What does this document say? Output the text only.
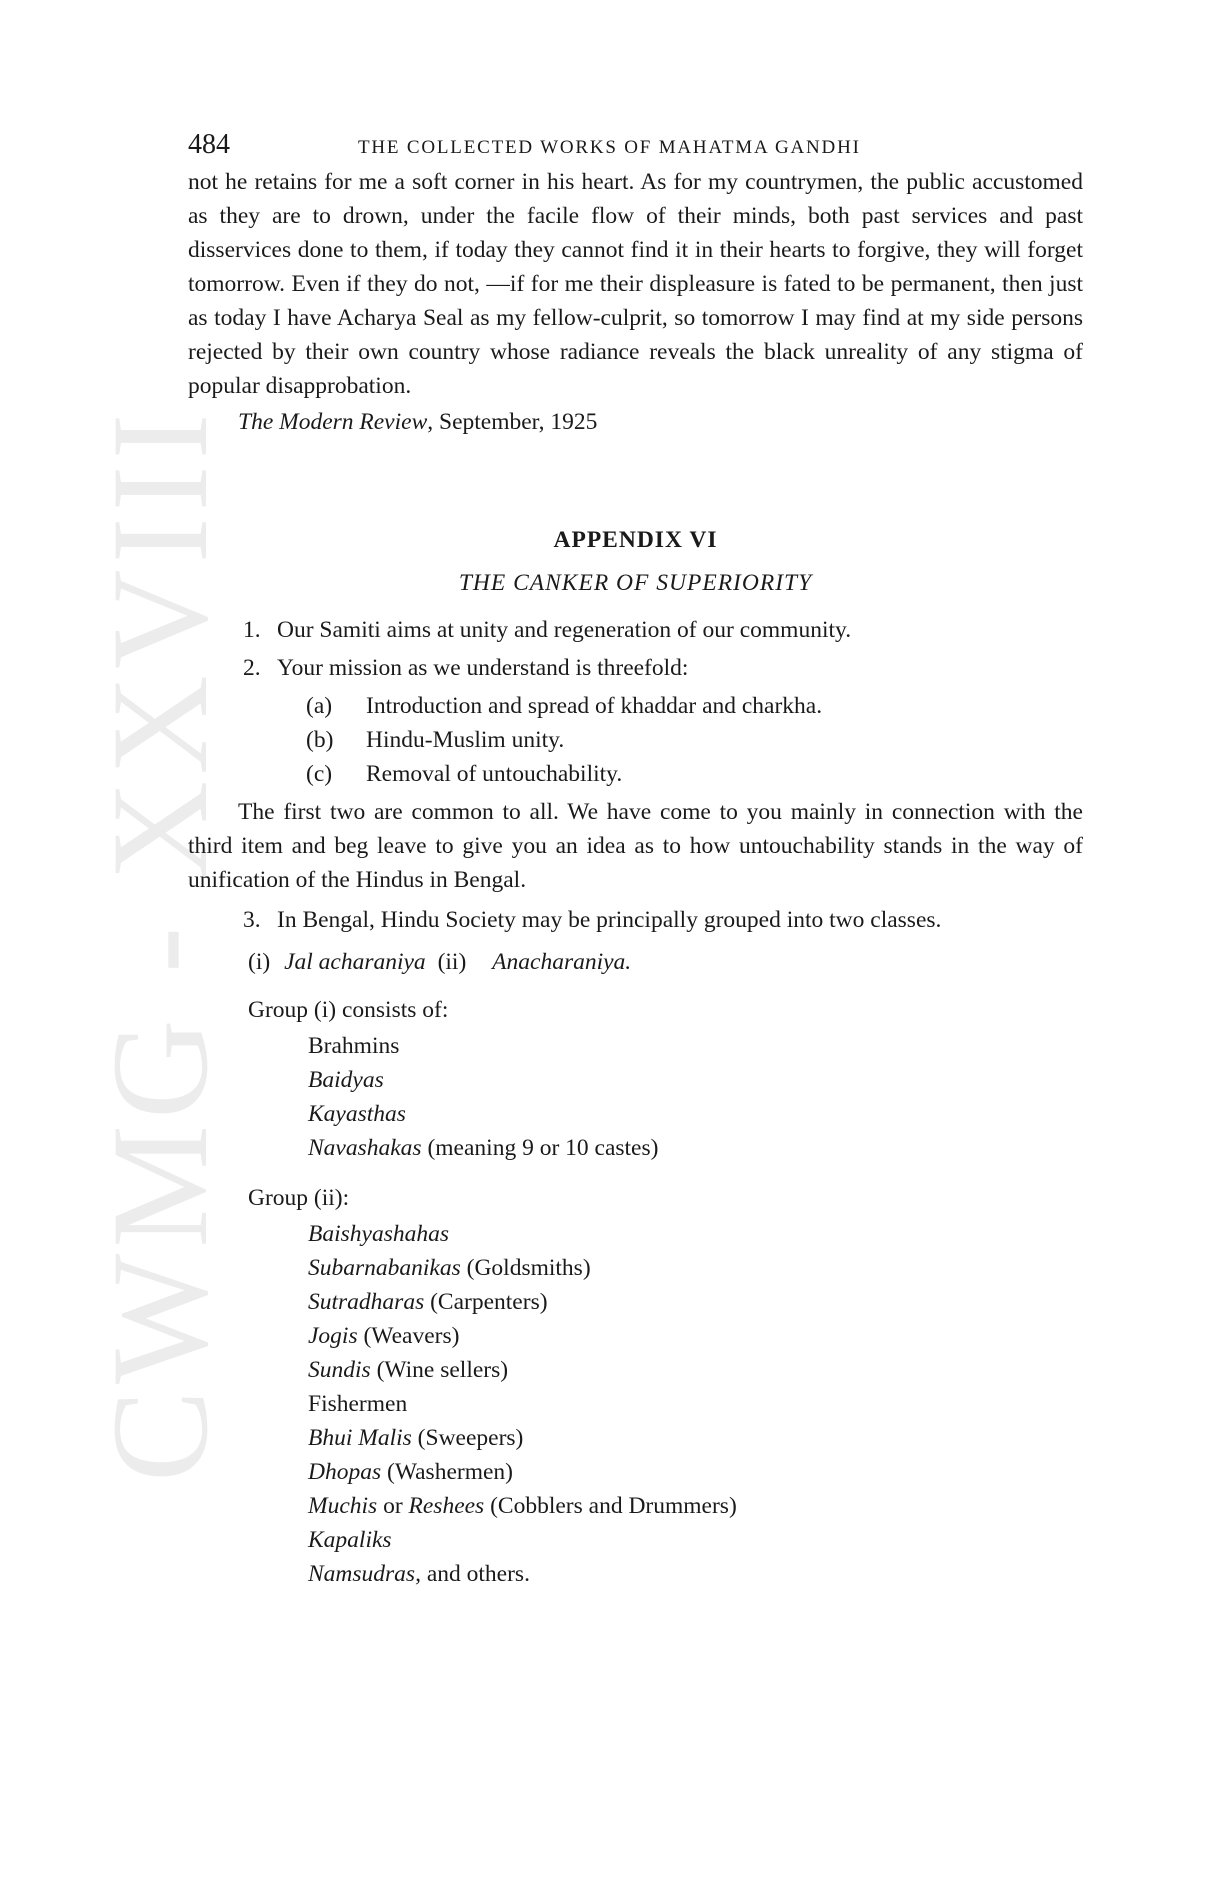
CWMG - XXVIII
484	THE COLLECTED WORKS OF MAHATMA GANDHI

not he retains for me a soft corner in his heart. As for my countrymen, the public accustomed as they are to drown, under the facile flow of their minds, both past services and past disservices done to them, if today they cannot find it in their hearts to forgive, they will forget tomorrow. Even if they do not, —if for me their displeasure is fated to be permanent, then just as today I have Acharya Seal as my fellow-culprit, so tomorrow I may find at my side persons rejected by their own country whose radiance reveals the black unreality of any stigma of popular disapprobation.

The Modern Review, September, 1925
APPENDIX VI
THE CANKER OF SUPERIORITY
1. Our Samiti aims at unity and regeneration of our community.
2. Your mission as we understand is threefold:
(a) Introduction and spread of khaddar and charkha.
(b) Hindu-Muslim unity.
(c) Removal of untouchability.

The first two are common to all. We have come to you mainly in connection with the third item and beg leave to give you an idea as to how untouchability stands in the way of unification of the Hindus in Bengal.

3. In Bengal, Hindu Society may be principally grouped into two classes.
(i) Jal acharaniya (ii) Anacharaniya.
Group (i) consists of:
Brahmins
Baidyas
Kayasthas
Navashakas (meaning 9 or 10 castes)
Group (ii):
Baishyashahas
Subarnabanikas (Goldsmiths)
Sutradharas (Carpenters)
Jogis (Weavers)
Sundis (Wine sellers)
Fishermen
Bhui Malis (Sweepers)
Dhopas (Washermen)
Muchis or Reshees (Cobblers and Drummers)
Kapaliks
Namsudras, and others.
